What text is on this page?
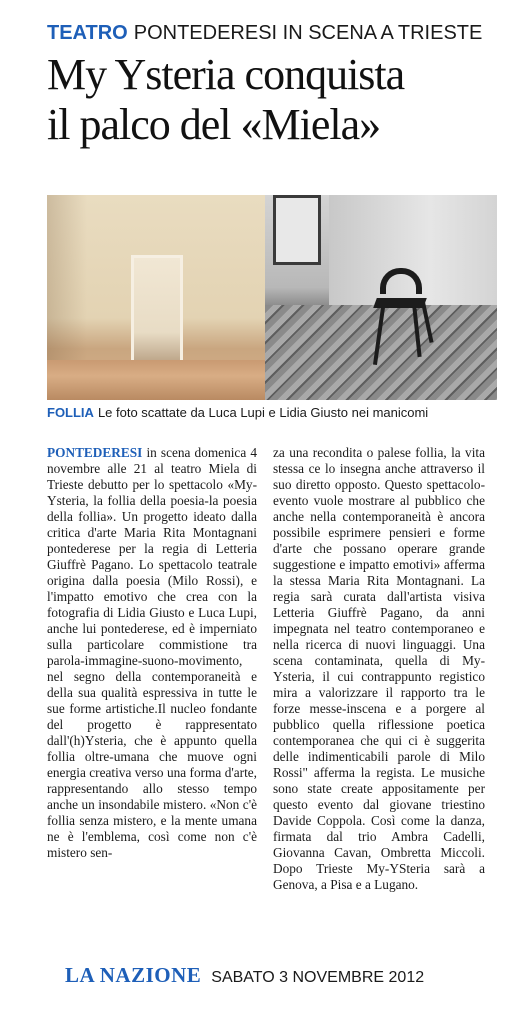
TEATRO PONTEDERESI IN SCENA A TRIESTE
My Ysteria conquista
il palco del «Miela»
FOLLIA Le foto scattate da Luca Lupi e Lidia Giusto nei manicomi

PONTEDERESI in scena domenica 4 novembre alle 21 al teatro Miela di Trieste debutto per lo spettacolo «My-Ysteria, la follia della poesia-la poesia della follia». Un progetto ideato dalla critica d'arte Maria Rita Montagnani pontederese per la regia di Letteria Giuffrè Pagano. Lo spettacolo teatrale origina dalla poesia (Milo Rossi), e l'impatto emotivo che crea con la fotografia di Lidia Giusto e Luca Lupi, anche lui pontederese, ed è imperniato sulla particolare commistione tra parola-immagine-suono-movimento, nel segno della contemporaneità e della sua qualità espressiva in tutte le sue forme artistiche.Il nucleo fondante del progetto è rappresentato dall'(h)Ysteria, che è appunto quella follia oltre-umana che muove ogni energia creativa verso una forma d'arte, rappresentando allo stesso tempo anche un insondabile mistero. «Non c'è follia senza mistero, e la mente umana ne è l'emblema, così come non c'è mistero sen-

za una recondita o palese follia, la vita stessa ce lo insegna anche attraverso il suo diretto opposto. Questo spettacolo-evento vuole mostrare al pubblico che anche nella contemporaneità è ancora possibile esprimere pensieri e forme d'arte che possano operare grande suggestione e impatto emotivi» afferma la stessa Maria Rita Montagnani. La regia sarà curata dall'artista visiva Letteria Giuffrè Pagano, da anni impegnata nel teatro contemporaneo e nella ricerca di nuovi linguaggi. Una scena contaminata, quella di My-Ysteria, il cui contrappunto registico mira a valorizzare il rapporto tra le forze messe-inscena e a porgere al pubblico quella riflessione poetica contemporanea che qui ci è suggerita delle indimenticabili parole di Milo Rossi" afferma la regista. Le musiche sono state create appositamente per questo evento dal giovane triestino Davide Coppola. Così come la danza, firmata dal trio Ambra Cadelli, Giovanna Cavan, Ombretta Miccoli. Dopo Trieste My-YSteria sarà a Genova, a Pisa e a Lugano.

LA NAZIONE SABATO 3 NOVEMBRE 2012
